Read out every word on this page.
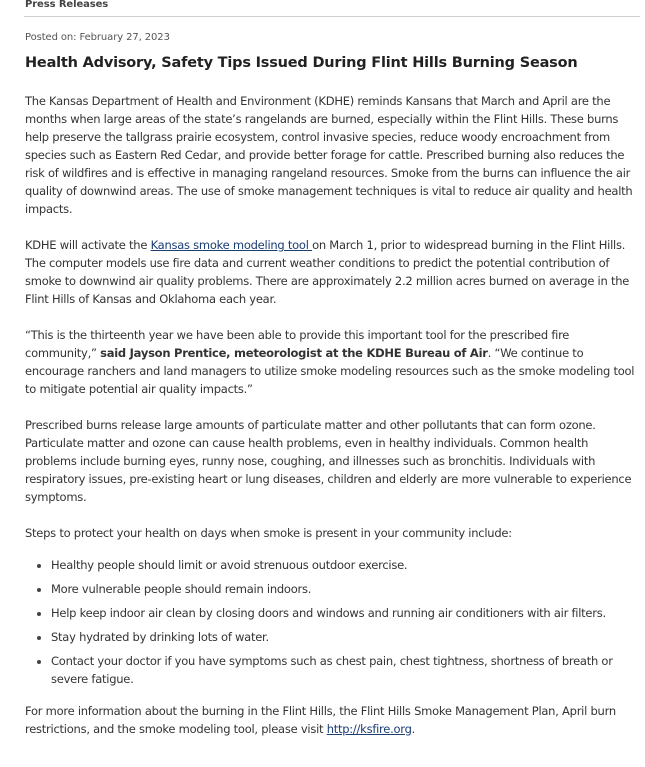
Press Releases
Posted on: February 27, 2023
Health Advisory, Safety Tips Issued During Flint Hills Burning Season

The Kansas Department of Health and Environment (KDHE) reminds Kansans that March and April are the months when large areas of the state’s rangelands are burned, especially within the Flint Hills. These burns help preserve the tallgrass prairie ecosystem, control invasive species, reduce woody encroachment from species such as Eastern Red Cedar, and provide better forage for cattle. Prescribed burning also reduces the risk of wildfires and is effective in managing rangeland resources. Smoke from the burns can influence the air quality of downwind areas. The use of smoke management techniques is vital to reduce air quality and health impacts.

KDHE will activate the Kansas smoke modeling tool on March 1, prior to widespread burning in the Flint Hills. The computer models use fire data and current weather conditions to predict the potential contribution of smoke to downwind air quality problems. There are approximately 2.2 million acres burned on average in the Flint Hills of Kansas and Oklahoma each year.

“This is the thirteenth year we have been able to provide this important tool for the prescribed fire community,” said Jayson Prentice, meteorologist at the KDHE Bureau of Air. “We continue to encourage ranchers and land managers to utilize smoke modeling resources such as the smoke modeling tool to mitigate potential air quality impacts.”

Prescribed burns release large amounts of particulate matter and other pollutants that can form ozone. Particulate matter and ozone can cause health problems, even in healthy individuals. Common health problems include burning eyes, runny nose, coughing, and illnesses such as bronchitis. Individuals with respiratory issues, pre-existing heart or lung diseases, children and elderly are more vulnerable to experience symptoms.

Steps to protect your health on days when smoke is present in your community include:

• Healthy people should limit or avoid strenuous outdoor exercise.
• More vulnerable people should remain indoors.
• Help keep indoor air clean by closing doors and windows and running air conditioners with air filters.
• Stay hydrated by drinking lots of water.
• Contact your doctor if you have symptoms such as chest pain, chest tightness, shortness of breath or severe fatigue.

For more information about the burning in the Flint Hills, the Flint Hills Smoke Management Plan, April burn restrictions, and the smoke modeling tool, please visit http://ksfire.org.
